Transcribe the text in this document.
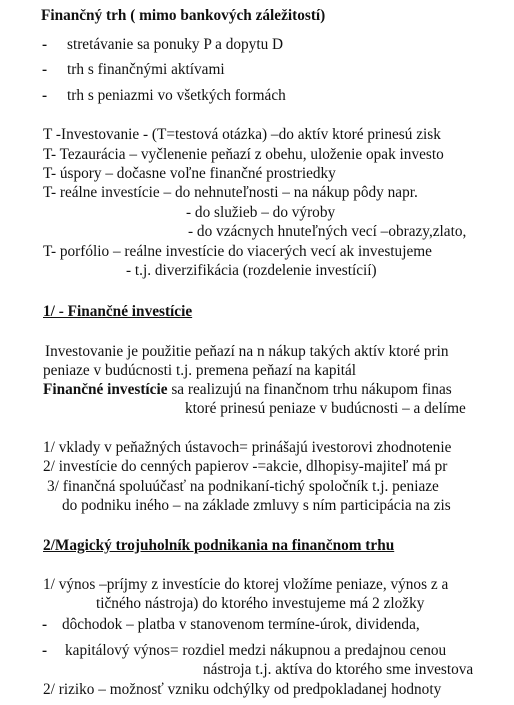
Finančný trh ( mimo bankových záležitostí)
- stretávanie sa ponuky P a dopytu D
- trh s finančnými aktívami
- trh s peniazmi vo všetkých formách
T -Investovanie - (T=testová otázka) –do aktív ktoré prinesú zisk
T- Tezaurácia – vyčlenenie peňazí z obehu, uloženie opak investo
T- úspory – dočasne voľne finančné prostriedky
T- reálne investície – do nehnuteľnosti – na nákup pôdy napr.
- do služieb – do výroby
- do vzácnych hnuteľných vecí –obrazy,zlato,
T- porfólio – reálne investície do viacerých vecí ak investujeme
- t.j. diverzifikácia (rozdelenie investícií)
1/ - Finančné investície
Investovanie je použitie peňazí na n nákup takých aktív ktoré prin
peniaze v budúcnosti t.j. premena peňazí na kapitál
Finančné investície sa realizujú na finančnom trhu nákupom finas
ktoré prinesú peniaze v budúcnosti – a delíme
1/ vklady v peňažných ústavoch= prinášajú ivestorovi zhodnotenie
2/ investície do cenných papierov -=akcie, dlhopisy-majiteľ má pr
3/ finančná spoluúčasť na podnikaní-tichý spoločník t.j. peniaze
do podniku iného – na základe zmluvy s ním participácia na zis
2/Magický trojuholník podnikania na finančnom trhu
1/ výnos –príjmy z investície do ktorej vložíme peniaze, výnos z a
tičného nástroja) do ktorého investujeme má 2 zložky
- dôchodok – platba v stanovenom termíne-úrok, dividenda,
- kapitálový výnos= rozdiel medzi nákupnou a predajnou cenou
nástroja t.j. aktíva do ktorého sme investova
2/ riziko – možnosť vzniku odchýlky od predpokladanej hodnoty
